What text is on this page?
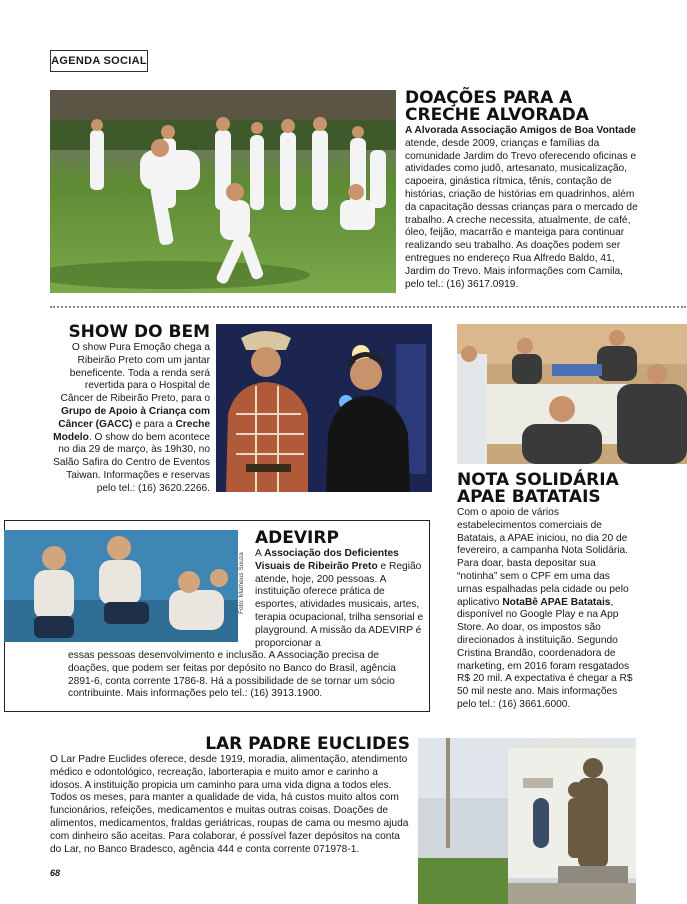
AGENDA SOCIAL

DOAÇÕES PARA A

CRECHE ALVORADA

A Alvorada Associação Amigos de Boa Vontade atende, desde 2009, crianças e famílias da comunidade Jardim do Trevo oferecendo oficinas e atividades como judô, artesanato, musicalização, capoeira, ginástica rítmica, tênis, contação de histórias, criação de histórias em quadrinhos, além da capacitação dessas crianças para o mercado de trabalho. A creche necessita, atualmente, de café, óleo, feijão, macarrão e manteiga para continuar realizando seu trabalho. As doações podem ser entregues no endereço Rua Alfredo Baldo, 41, Jardim do Trevo. Mais informações com Camila, pelo tel.: (16) 3617.0919.

SHOW DO BEM

O show Pura Emoção chega a Ribeirão Preto com um jantar beneficente. Toda a renda será revertida para o Hospital de Câncer de Ribeirão Preto, para o Grupo de Apoio à Criança com Câncer (GACC) e para a Creche Modelo. O show do bem acontece no dia 29 de março, às 19h30, no Salão Safira do Centro de Eventos Taiwan. Informações e reservas pelo tel.: (16) 3620.2266.	NOTA SOLIDÁRIA

APAE BATATAIS

Com o apoio de vários estabelecimentos comerciais de Batatais, a APAE iniciou, no dia 20 de fevereiro, a campanha Nota Solidária. Para doar, basta depositar sua “notinha” sem o CPF em uma das urnas espalhadas pela cidade ou pelo aplicativo NotaBê APAE Batatais, disponível no Google Play e na App Store. Ao doar, os impostos são direcionados à instituição. Segundo Cristina Brandão, coordenadora de marketing, em 2016 foram resgatados R$ 20 mil. A expectativa é chegar a R$ 50 mil neste ano. Mais informações pelo tel.: (16) 3661.6000.

Foto: Matheus Souza

ADEVIRP

A Associação dos Deficientes Visuais de Ribeirão Preto e Região atende, hoje, 200 pessoas. A instituição oferece prática de esportes, atividades musicais, artes, terapia ocupacional, trilha sensorial e playground. A missão da ADEVIRP é proporcionar a

essas pessoas desenvolvimento e inclusão. A Associação precisa de doações, que podem ser feitas por depósito no Banco do Brasil, agência 2891-6, conta corrente 1786-8. Há a possibilidade de se tornar um sócio contribuinte. Mais informações pelo tel.: (16) 3913.1900.

LAR PADRE EUCLIDES

O Lar Padre Euclides oferece, desde 1919, moradia, alimentação, atendimento médico e odontológico, recreação, laborterapia e muito amor e carinho a idosos. A instituição propicia um caminho para uma vida digna a todos eles. Todos os meses, para manter a qualidade de vida, há custos muito altos com funcionários, refeições, medicamentos e muitas outras coisas. Doações de alimentos, medicamentos, fraldas geriátricas, roupas de cama ou mesmo ajuda com dinheiro são aceitas. Para colaborar, é possível fazer depósitos na conta do Lar, no Banco Bradesco, agência 444 e conta corrente 071978-1.

68
